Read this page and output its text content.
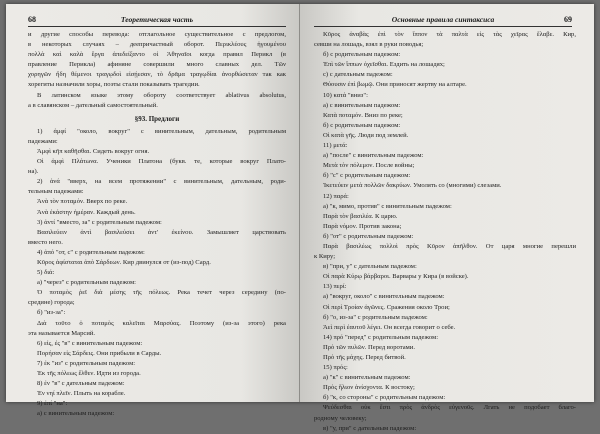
68	Теоретическая часть
и другие способы перевода: отглагольное существительное с предлогом,
в некоторых случаях – деепричастный оборот. Περικλέους ἡγουμένου
πολλὰ καὶ καλὰ ἔργα ἀπεδείξαντο οἱ Ἀθηναῖοι когда правил Перикл (в
правление Перикла) афиняне совершили много славных дел. Τῶν
χορηγῶν ἤδη θέμενοι τραγῳδοὶ εἰσῄεσαν, τὸ δρᾶμα τραγῳδίαι ἀνορθώσεταν так как
хорегиты назначили хоры, поэты стали показывать трагедии.
В латинском языке этому обороту соответствует ablativus absolutus,
а в славянском – дательный самостоятельный.
§93. Предлоги
1) ἀμφί "около, вокруг" с винительным, дательным, родительным
падежами:
Ἀμφὶ κῆπ καθῆσθαι. Сидеть вокруг огня.
Οἱ ἀμφὶ Πλάτωνα. Ученики Платона (букв. те, которые вокруг Плато-
на).
2) ἀνά "вверх, на всем протяжении" с винительным, дательным, роди-
тельным падежами:
Ἀνὰ τὸν ποταμόν. Вверх по реке.
Ἀνὰ ἑκάστην ἡμέραν. Каждый день.
3) ἀντί "вместо, за" с родительным падежом:
Βασιλεύειν ἀντὶ βασιλεύσει ἀντ' ἐκείνου. Замышляет царствовать
вместо него.
4) ἀπό "от, с" с родительным падежом:
Κῦρος ἀφίσταται ἀπὸ Σάρδεων. Кир двинулся от (из-под) Сард.
5) διά:
а) "через" с родительным падежом:
Ὁ ποταμὸς ῥεῖ διὰ μέσης τῆς πόλεως. Река течет через середину (по-
средине) города;
б) "из-за":
Διὰ τοῦτο ὁ ποταμὸς καλεῖται Μαρσύας. Поэтому (из-за этого) река
эта называется Марсий.
6) εἰς, ἐς "в" с винительным падежом:
Πορήσαν εἰς Σάρδεις. Они прибыли в Сарды.
7) ἐκ "из" с родительным падежом:
Ἐκ τῆς πόλεως ἔλθεν. Идти из города.
8) ἐν "в" с дательным падежом:
Ἐν νηί πλεῖν. Плыть на корабле.
9) ἐπί "на":
а) с винительным падежом:
Основные правила синтаксиса	69
Κῦρος ἀναβὰς ἐπὶ τὸν ἵππον τὰ παλτὰ εἰς τὰς χεῖρας ἔλαβε. Кир,
севши на лошадь, взял в руки поводья;
б) с родительным падежом:
Ἐπὶ τῶν ἵππων ὀχεῖσθαι. Ездить на лошадях;
с) с дательным падежом:
Θύουσιν ἐπὶ βωμῷ. Они приносят жертву на алтаре.
10) κατά "вниз":
а) с винительным падежом:
Κατὰ ποταμόν. Вниз по реке;
б) с родительным падежом:
Οἱ κατὰ γῆς. Люди под землей.
11) μετά:
а) "после" с винительным падежом:
Μετὰ τὸν πόλεμον. После войны;
б) "с" с родительным падежом:
Ἱκετεύειν μετὰ πολλῶν δακρύων. Умолять со (многими) слезами.
12) παρά:
а) "к, мимо, против" с винительным падежом:
Παρὰ τὸν βασιλέα. К царю.
Παρὰ νόμον. Против закона;
б) "от" с родительным падежом:
Παρὰ βασιλέως πολλοὶ πρὸς Κῦρον ἀπῆλθον. От царя многие перешли
к Киру;
в) "при, у" с дательным падежом:
Οἱ παρὰ Κύρῳ βάρβαροι. Варвары у Кира (в войске).
13) περί:
а) "вокруг, около" с винительным падежом:
Οἱ περὶ Τροίαν ἀγῶνες. Сражения около Трои;
б) "о, из-за" с родительным падежом:
Ἀεὶ περὶ ἐαυτοῦ λέγει. Он всегда говорит о себе.
14) πρό "перед" с родительным падежом:
Πρὸ τῶν πυλῶν. Перед воротами.
Πρὸ τῆς μάχης. Перед битвой.
15) πρός:
а) "к" с винительным падежом:
Πρὸς ἥλιον ἀνίσχοντα. К востоку;
б) "к, со стороны" с родительным падежом:
Ψεύδεσθαι οὐκ ἔστι πρὸς ἀνδρὸς εὐγενοῦς. Лгать не подобает благо-
родному человеку;
в) "у, при" с дательным падежом:
